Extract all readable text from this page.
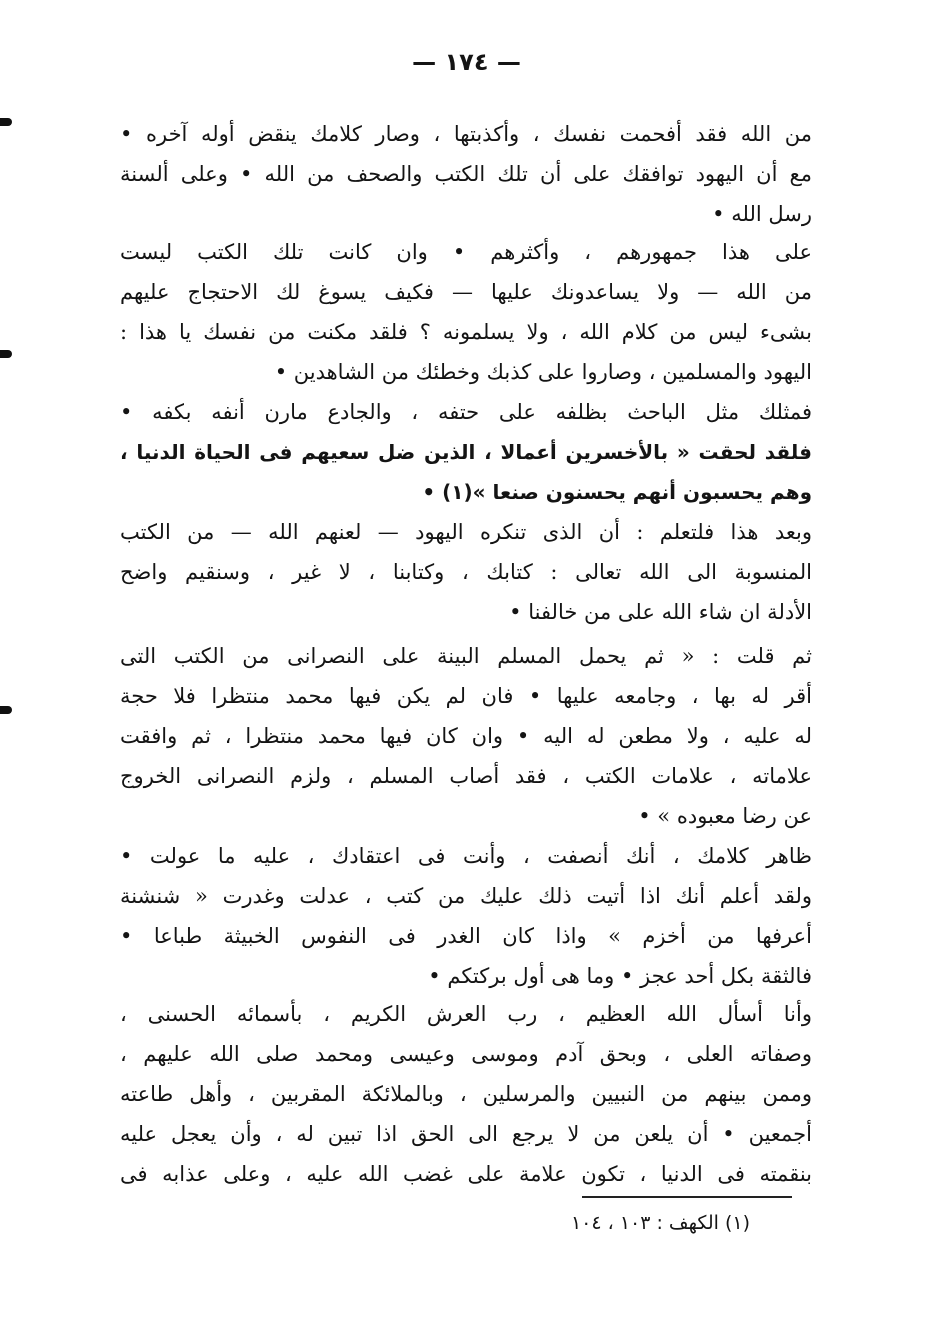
— ١٧٤ —
من الله فقد أفحمت نفسك ، وأكذبتها ، وصار كلامك ينقض أوله آخره •
مع أن اليهود توافقك على أن تلك الكتب والصحف من الله • وعلى ألسنة
رسل الله •
على هذا جمهورهم ، وأكثرهم • وان كانت تلك الكتب ليست
من الله — ولا يساعدونك عليها — فكيف يسوغ لك الاحتجاج عليهم
بشىء ليس من كلام الله ، ولا يسلمونه ؟ فلقد مكنت من نفسك يا هذا :
اليهود والمسلمين ، وصاروا على كذبك وخطئك من الشاهدين •
فمثلك مثل الباحث بظلفه على حتفه ، والجادع مارن أنفه بكفه •
فلقد لحقت « بالأخسرين أعمالا ، الذين ضل سعيهم فى الحياة الدنيا ،
وهم يحسبون أنهم يحسنون صنعا »(١) •
وبعد هذا فلتعلم : أن الذى تنكره اليهود — لعنهم الله — من الكتب
المنسوبة الى الله تعالى : كتابك ، وكتابنا ، لا غير ، وسنقيم واضح
الأدلة ان شاء الله على من خالفنا •
ثم قلت : « ثم يحمل المسلم البينة على النصرانى من الكتب التى
أقر له بها ، وجامعه عليها • فان لم يكن فيها محمد منتظرا فلا حجة
له عليه ، ولا مطعن له اليه • وان كان فيها محمد منتظرا ، ثم وافقت
علاماته ، علامات الكتب ، فقد أصاب المسلم ، ولزم النصرانى الخروج
عن رضا معبوده » •
ظاهر كلامك ، أنك أنصفت ، وأنت فى اعتقادك ، عليه ما عولت •
ولقد أعلم أنك اذا أتيت ذلك عليك من كتب ، عدلت وغدرت « شنشنة
أعرفها من أخزم » واذا كان الغدر فى النفوس الخبيثة طباعا •
فالثقة بكل أحد عجز • وما هى أول بركتكم •
وأنا أسأل الله العظيم ، رب العرش الكريم ، بأسمائه الحسنى ،
وصفاته العلى ، وبحق آدم وموسى وعيسى ومحمد صلى الله عليهم ،
وممن بينهم من النبيين والمرسلين ، وبالملائكة المقربين ، وأهل طاعته
أجمعين • أن يلعن من لا يرجع الى الحق اذا تبين له ، وأن يعجل عليه
بنقمته فى الدنيا ، تكون علامة على غضب الله عليه ، وعلى عذابه فى
(١) الكهف : ١٠٣ ، ١٠٤
